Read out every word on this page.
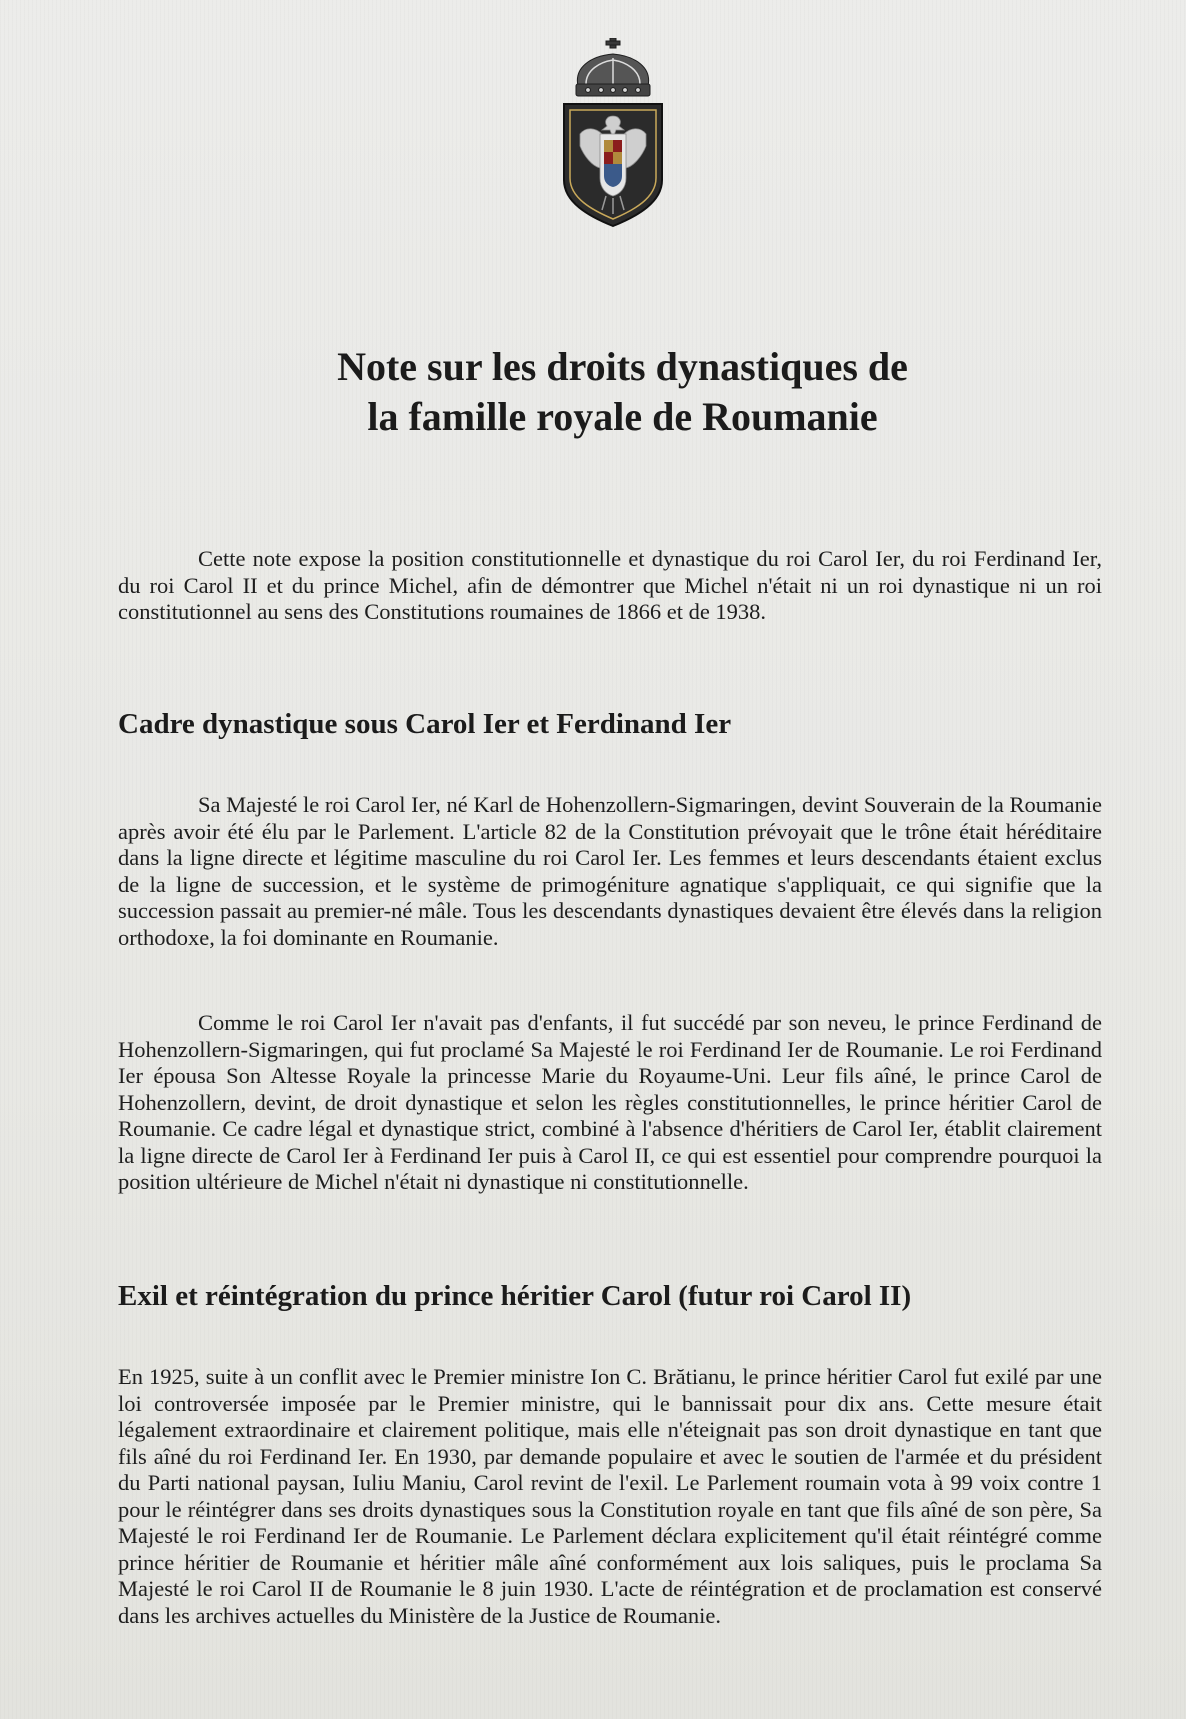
Note sur les droits dynastiques de
la famille royale de Roumanie

Cette note expose la position constitutionnelle et dynastique du roi Carol Ier, du roi Ferdinand Ier, du roi Carol II et du prince Michel, afin de démontrer que Michel n'était ni un roi dynastique ni un roi constitutionnel au sens des Constitutions roumaines de 1866 et de 1938.

Cadre dynastique sous Carol Ier et Ferdinand Ier

Sa Majesté le roi Carol Ier, né Karl de Hohenzollern-Sigmaringen, devint Souverain de la Roumanie après avoir été élu par le Parlement. L'article 82 de la Constitution prévoyait que le trône était héréditaire dans la ligne directe et légitime masculine du roi Carol Ier. Les femmes et leurs descendants étaient exclus de la ligne de succession, et le système de primogéniture agnatique s'appliquait, ce qui signifie que la succession passait au premier-né mâle. Tous les descendants dynastiques devaient être élevés dans la religion orthodoxe, la foi dominante en Roumanie.

Comme le roi Carol Ier n'avait pas d'enfants, il fut succédé par son neveu, le prince Ferdinand de Hohenzollern-Sigmaringen, qui fut proclamé Sa Majesté le roi Ferdinand Ier de Roumanie. Le roi Ferdinand Ier épousa Son Altesse Royale la princesse Marie du Royaume-Uni. Leur fils aîné, le prince Carol de Hohenzollern, devint, de droit dynastique et selon les règles constitutionnelles, le prince héritier Carol de Roumanie. Ce cadre légal et dynastique strict, combiné à l'absence d'héritiers de Carol Ier, établit clairement la ligne directe de Carol Ier à Ferdinand Ier puis à Carol II, ce qui est essentiel pour comprendre pourquoi la position ultérieure de Michel n'était ni dynastique ni constitutionnelle.

Exil et réintégration du prince héritier Carol (futur roi Carol II)

En 1925, suite à un conflit avec le Premier ministre Ion C. Brătianu, le prince héritier Carol fut exilé par une loi controversée imposée par le Premier ministre, qui le bannissait pour dix ans. Cette mesure était légalement extraordinaire et clairement politique, mais elle n'éteignait pas son droit dynastique en tant que fils aîné du roi Ferdinand Ier. En 1930, par demande populaire et avec le soutien de l'armée et du président du Parti national paysan, Iuliu Maniu, Carol revint de l'exil. Le Parlement roumain vota à 99 voix contre 1 pour le réintégrer dans ses droits dynastiques sous la Constitution royale en tant que fils aîné de son père, Sa Majesté le roi Ferdinand Ier de Roumanie. Le Parlement déclara explicitement qu'il était réintégré comme prince héritier de Roumanie et héritier mâle aîné conformément aux lois saliques, puis le proclama Sa Majesté le roi Carol II de Roumanie le 8 juin 1930. L'acte de réintégration et de proclamation est conservé dans les archives actuelles du Ministère de la Justice de Roumanie.
